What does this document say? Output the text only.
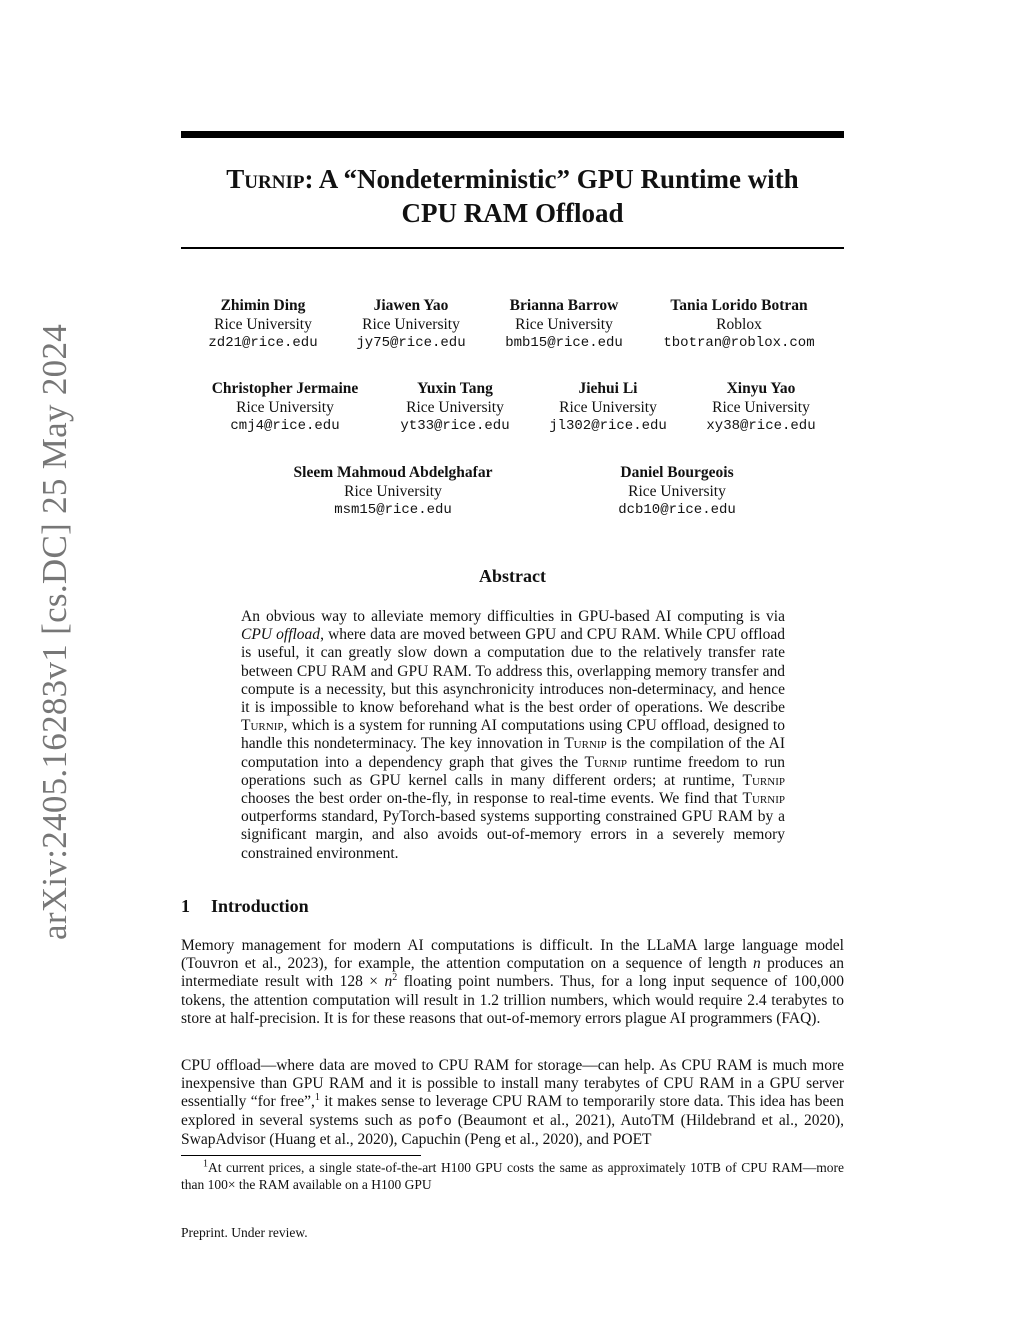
arXiv:2405.16283v1 [cs.DC] 25 May 2024
Turnip: A “Nondeterministic” GPU Runtime with
CPU RAM Offload
Zhimin Ding
Rice University
zd21@rice.edu
Jiawen Yao
Rice University
jy75@rice.edu
Brianna Barrow
Rice University
bmb15@rice.edu
Tania Lorido Botran
Roblox
tbotran@roblox.com
Christopher Jermaine
Rice University
cmj4@rice.edu
Yuxin Tang
Rice University
yt33@rice.edu
Jiehui Li
Rice University
jl302@rice.edu
Xinyu Yao
Rice University
xy38@rice.edu
Sleem Mahmoud Abdelghafar
Rice University
msm15@rice.edu
Daniel Bourgeois
Rice University
dcb10@rice.edu
Abstract

An obvious way to alleviate memory difficulties in GPU-based AI computing is via CPU offload, where data are moved between GPU and CPU RAM. While CPU offload is useful, it can greatly slow down a computation due to the relatively transfer rate between CPU RAM and GPU RAM. To address this, overlapping memory transfer and compute is a necessity, but this asynchronicity introduces non-determinacy, and hence it is impossible to know beforehand what is the best order of operations. We describe Turnip, which is a system for running AI computations using CPU offload, designed to handle this nondeterminacy. The key innovation in Turnip is the compilation of the AI computation into a dependency graph that gives the Turnip runtime freedom to run operations such as GPU kernel calls in many different orders; at runtime, Turnip chooses the best order on-the-fly, in response to real-time events. We find that Turnip outperforms standard, PyTorch-based systems supporting constrained GPU RAM by a significant margin, and also avoids out-of-memory errors in a severely memory constrained environment.

1 Introduction

Memory management for modern AI computations is difficult. In the LLaMA large language model (Touvron et al., 2023), for example, the attention computation on a sequence of length n produces an intermediate result with $128 \times n^2$ floating point numbers. Thus, for a long input sequence of 100,000 tokens, the attention computation will result in 1.2 trillion numbers, which would require 2.4 terabytes to store at half-precision. It is for these reasons that out-of-memory errors plague AI programmers (FAQ).

CPU offload—where data are moved to CPU RAM for storage—can help. As CPU RAM is much more inexpensive than GPU RAM and it is possible to install many terabytes of CPU RAM in a GPU server essentially “for free”,$^1$ it makes sense to leverage CPU RAM to temporarily store data. This idea has been explored in several systems such as pofo (Beaumont et al., 2021), AutoTM (Hildebrand et al., 2020), SwapAdvisor (Huang et al., 2020), Capuchin (Peng et al., 2020), and POET

$^1$At current prices, a single state-of-the-art H100 GPU costs the same as approximately 10TB of CPU RAM—more than 100× the RAM available on a H100 GPU

Preprint. Under review.
